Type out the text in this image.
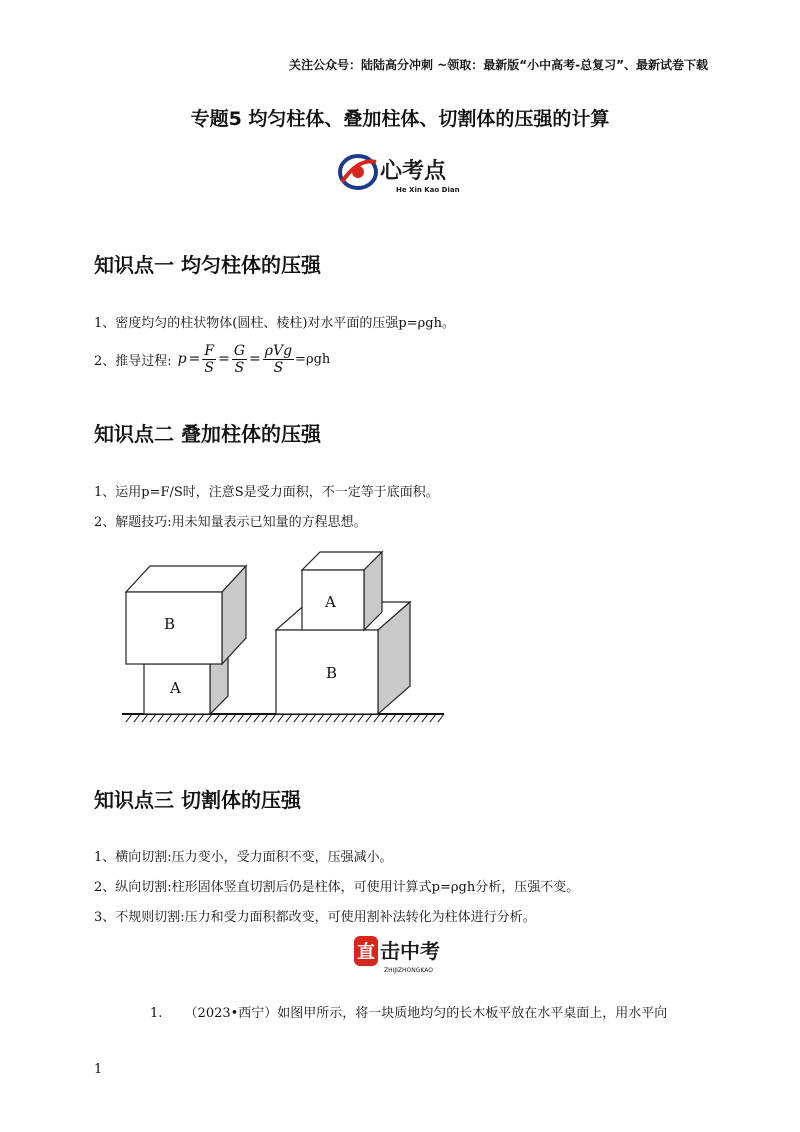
关注公众号：陆陆高分冲刺 ~领取：最新版“小中高考-总复习”、最新试卷下载
专题5 均匀柱体、叠加柱体、切割体的压强的计算
心考点
He Xin Kao Dian
知识点一 均匀柱体的压强
1、密度均匀的柱状物体(圆柱、棱柱)对水平面的压强p=ρgh。
2、推导过程: $p = \frac{F}{S} = \frac{G}{S} = \frac{\text{ρVg}}{S} =\rho gh$
知识点二 叠加柱体的压强
1、运用p=F/S时，注意S是受力面积，不一定等于底面积。
2、解题技巧:用未知量表示已知量的方程思想。
B
A
A
B
知识点三 切割体的压强
1、横向切割:压力变小，受力面积不变，压强减小。
2、纵向切割:柱形固体竖直切割后仍是柱体，可使用计算式p=ρgh分析，压强不变。
3、不规则切割:压力和受力面积都改变，可使用割补法转化为柱体进行分析。
直 击中考
ZHIJIZHONGKAO
1. （2023•西宁）如图甲所示，将一块质地均匀的长木板平放在水平桌面上，用水平向
1
